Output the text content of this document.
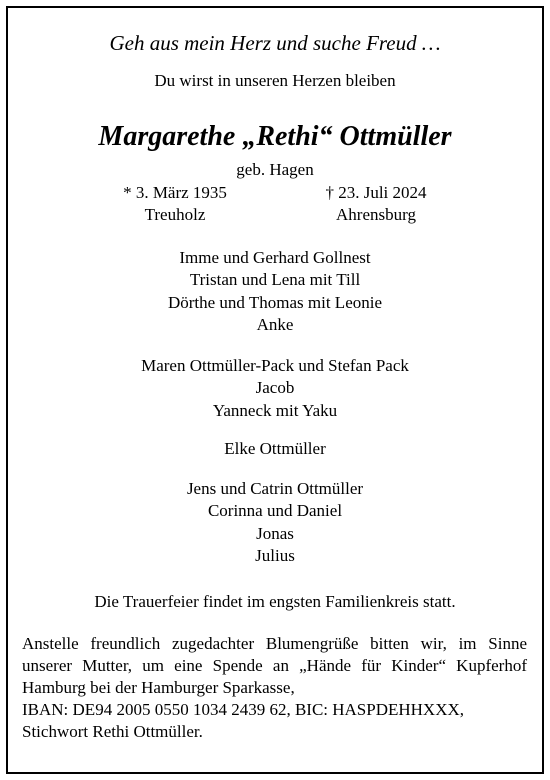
Geh aus mein Herz und suche Freud …
Du wirst in unseren Herzen bleiben
Margarethe „Rethi“ Ottmüller
geb. Hagen
* 3. März 1935
Treuholz
† 23. Juli 2024
Ahrensburg
Imme und Gerhard Gollnest
Tristan und Lena mit Till
Dörthe und Thomas mit Leonie
Anke
Maren Ottmüller-Pack und Stefan Pack
Jacob
Yanneck mit Yaku
Elke Ottmüller
Jens und Catrin Ottmüller
Corinna und Daniel
Jonas
Julius
Die Trauerfeier findet im engsten Familienkreis statt.
Anstelle freundlich zugedachter Blumengrüße bitten wir, im Sinne
unserer Mutter, um eine Spende an „Hände für Kinder“ Kupferhof
Hamburg bei der Hamburger Sparkasse,
IBAN: DE94 2005 0550 1034 2439 62, BIC: HASPDEHHXXX,
Stichwort Rethi Ottmüller.
